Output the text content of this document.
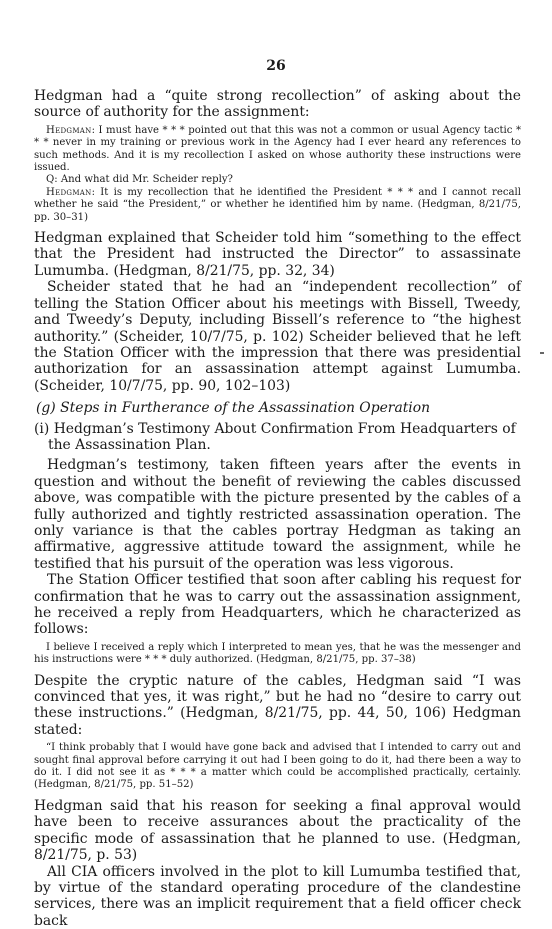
26

Hedgman had a “quite strong recollection” of asking about the source of authority for the assignment:

Hedgman: I must have * * * pointed out that this was not a common or usual Agency tactic * * * never in my training or previous work in the Agency had I ever heard any references to such methods. And it is my recollection I asked on whose authority these instructions were issued.

Q: And what did Mr. Scheider reply?

Hedgman: It is my recollection that he identified the President * * * and I cannot recall whether he said “the President,” or whether he identified him by name. (Hedgman, 8/21/75, pp. 30–31)

Hedgman explained that Scheider told him “something to the effect that the President had instructed the Director” to assassinate Lumumba. (Hedgman, 8/21/75, pp. 32, 34)

Scheider stated that he had an “independent recollection” of telling the Station Officer about his meetings with Bissell, Tweedy, and Tweedy’s Deputy, including Bissell’s reference to “the highest authority.” (Scheider, 10/7/75, p. 102) Scheider believed that he left the Station Officer with the impression that there was presidential authorization for an assassination attempt against Lumumba. (Scheider, 10/7/75, pp. 90, 102–103)

(g) Steps in Furtherance of the Assassination Operation

(i) Hedgman’s Testimony About Confirmation From Headquarters of the Assassination Plan.

Hedgman’s testimony, taken fifteen years after the events in question and without the benefit of reviewing the cables discussed above, was compatible with the picture presented by the cables of a fully authorized and tightly restricted assassination operation. The only variance is that the cables portray Hedgman as taking an affirmative, aggressive attitude toward the assignment, while he testified that his pursuit of the operation was less vigorous.

The Station Officer testified that soon after cabling his request for confirmation that he was to carry out the assassination assignment, he received a reply from Headquarters, which he characterized as follows:

I believe I received a reply which I interpreted to mean yes, that he was the messenger and his instructions were * * * duly authorized. (Hedgman, 8/21/75, pp. 37–38)

Despite the cryptic nature of the cables, Hedgman said “I was convinced that yes, it was right,” but he had no “desire to carry out these instructions.” (Hedgman, 8/21/75, pp. 44, 50, 106) Hedgman stated:

“I think probably that I would have gone back and advised that I intended to carry out and sought final approval before carrying it out had I been going to do it, had there been a way to do it. I did not see it as * * * a matter which could be accomplished practically, certainly. (Hedgman, 8/21/75, pp. 51–52)

Hedgman said that his reason for seeking a final approval would have been to receive assurances about the practicality of the specific mode of assassination that he planned to use. (Hedgman, 8/21/75, p. 53)

All CIA officers involved in the plot to kill Lumumba testified that, by virtue of the standard operating procedure of the clandestine services, there was an implicit requirement that a field officer check back
